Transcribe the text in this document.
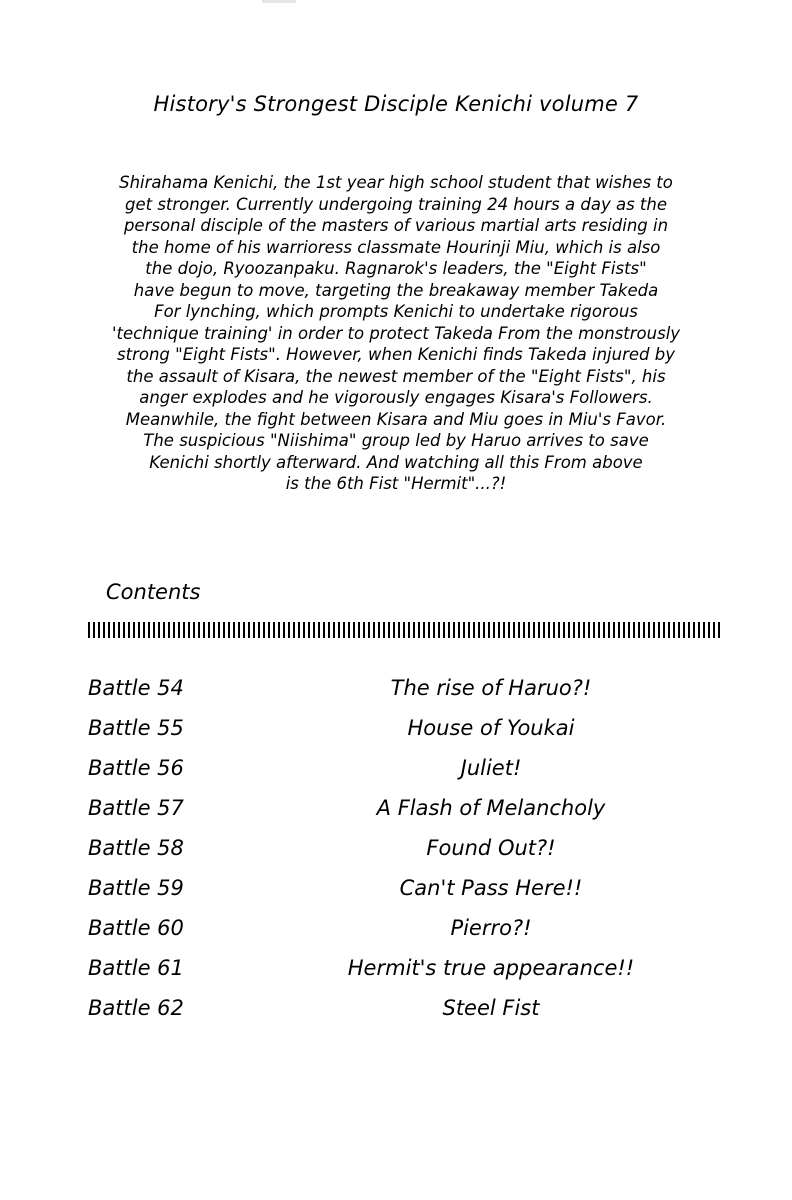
History's Strongest Disciple Kenichi volume 7
Shirahama Kenichi, the 1st year high school student that wishes to
get stronger. Currently undergoing training 24 hours a day as the
personal disciple of the masters of various martial arts residing in
the home of his warrioress classmate Hourinji Miu, which is also
the dojo, Ryoozanpaku. Ragnarok's leaders, the "Eight Fists"
have begun to move, targeting the breakaway member Takeda
For lynching, which prompts Kenichi to undertake rigorous
'technique training' in order to protect Takeda From the monstrously
strong "Eight Fists". However, when Kenichi finds Takeda injured by
the assault of Kisara, the newest member of the "Eight Fists", his
anger explodes and he vigorously engages Kisara's Followers.
Meanwhile, the fight between Kisara and Miu goes in Miu's Favor.
The suspicious "Niishima" group led by Haruo arrives to save
Kenichi shortly afterward. And watching all this From above
is the 6th Fist "Hermit"...?!
Contents
Battle 54	The rise of Haruo?!
Battle 55	House of Youkai
Battle 56	Juliet!
Battle 57	A Flash of Melancholy
Battle 58	Found Out?!
Battle 59	Can't Pass Here!!
Battle 60	Pierro?!
Battle 61	Hermit's true appearance!!
Battle 62	Steel Fist
